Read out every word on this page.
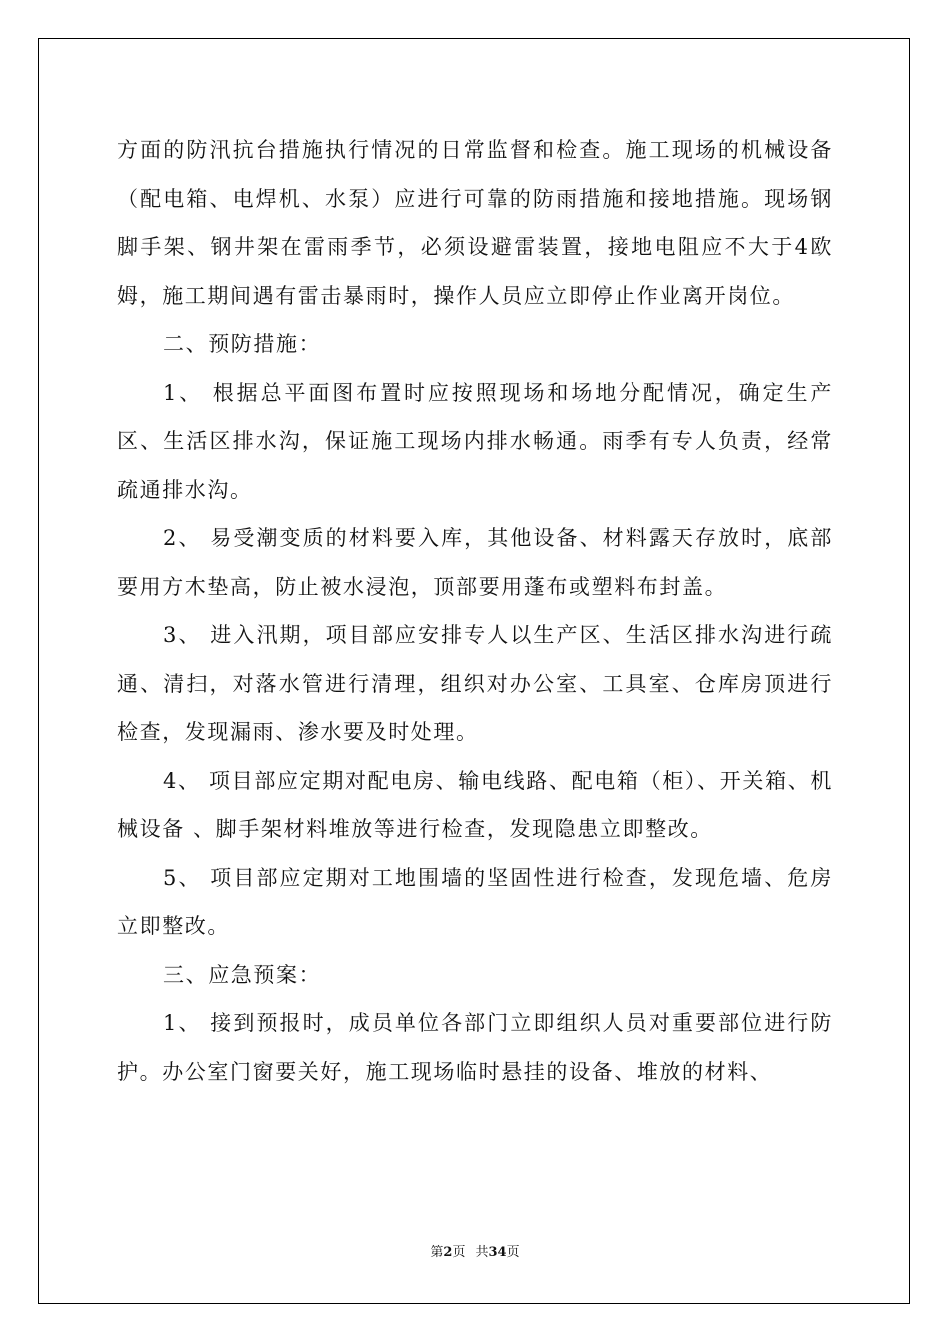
方面的防汛抗台措施执行情况的日常监督和检查。施工现场的机械设备（配电箱、电焊机、水泵）应进行可靠的防雨措施和接地措施。现场钢脚手架、钢井架在雷雨季节，必须设避雷装置，接地电阻应不大于4欧姆，施工期间遇有雷击暴雨时，操作人员应立即停止作业离开岗位。

二、预防措施：

1、 根据总平面图布置时应按照现场和场地分配情况，确定生产区、生活区排水沟，保证施工现场内排水畅通。雨季有专人负责，经常疏通排水沟。

2、 易受潮变质的材料要入库，其他设备、材料露天存放时，底部要用方木垫高，防止被水浸泡，顶部要用蓬布或塑料布封盖。

3、 进入汛期，项目部应安排专人以生产区、生活区排水沟进行疏通、清扫，对落水管进行清理，组织对办公室、工具室、仓库房顶进行检查，发现漏雨、渗水要及时处理。

4、 项目部应定期对配电房、输电线路、配电箱（柜）、开关箱、机械设备 、脚手架材料堆放等进行检查，发现隐患立即整改。

5、 项目部应定期对工地围墙的坚固性进行检查，发现危墙、危房立即整改。

三、应急预案：

1、 接到预报时，成员单位各部门立即组织人员对重要部位进行防护。办公室门窗要关好，施工现场临时悬挂的设备、堆放的材料、

第2页 共34页
